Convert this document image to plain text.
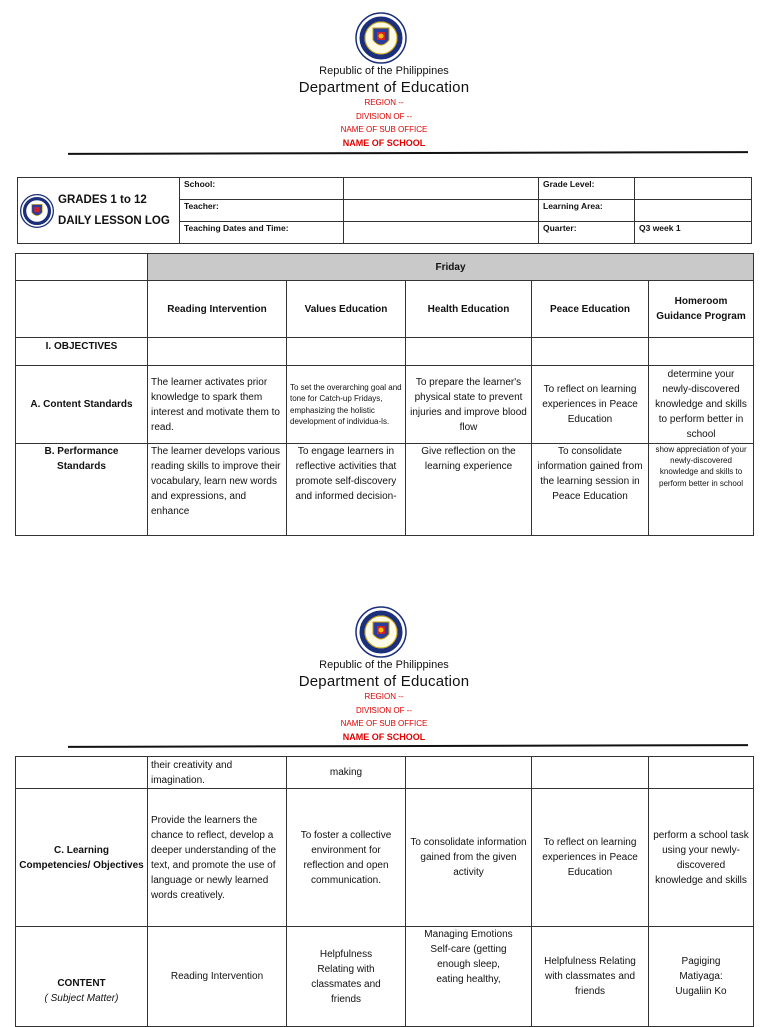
Republic of the Philippines
Department of Education
REGION --
DIVISION OF --
NAME OF SUB OFFICE
NAME OF SCHOOL
GRADES 1 to 12
DAILY LESSON LOG	School:		Grade Level:	
	Teacher:		Learning Area:	
	Teaching Dates and Time:		Quarter:	Q3 week 1
	Friday				
	Reading Intervention	Values Education	Health Education	Peace Education	Homeroom Guidance Program
I. OBJECTIVES					
A. Content Standards	The learner activates prior knowledge to spark them interest and motivate them to read.	To set the overarching goal and tone for Catch-up Fridays, emphasizing the holistic development of individua-ls.	To prepare the learner's physical state to prevent injuries and improve blood flow	To reflect on learning experiences in Peace Education	determine your newly-discovered knowledge and skills to perform better in school
B. Performance Standards	The learner develops various reading skills to improve their vocabulary, learn new words and expressions, and enhance	To engage learners in reflective activities that promote self-discovery and informed decision-	Give reflection on the learning experience	To consolidate information gained from the learning session in Peace Education	show appreciation of your newly-discovered knowledge and skills to perform better in school
Republic of the Philippines
Department of Education
REGION --
DIVISION OF --
NAME OF SUB OFFICE
NAME OF SCHOOL
	their creativity and imagination.	making			
C. Learning Competencies/ Objectives	Provide the learners the chance to reflect, develop a deeper understanding of the text, and promote the use of language or newly learned words creatively.	To foster a collective environment for reflection and open communication.	To consolidate information gained from the given activity	To reflect on learning experiences in Peace Education	perform a school task using your newly-discovered knowledge and skills

CONTENT
( Subject Matter)	Reading Intervention	Helpfulness Relating with classmates and friends	Managing Emotions Self-care (getting enough sleep, eating healthy,	Helpfulness Relating with classmates and friends	Pagiging Matiyaga: Uugaliin Ko
